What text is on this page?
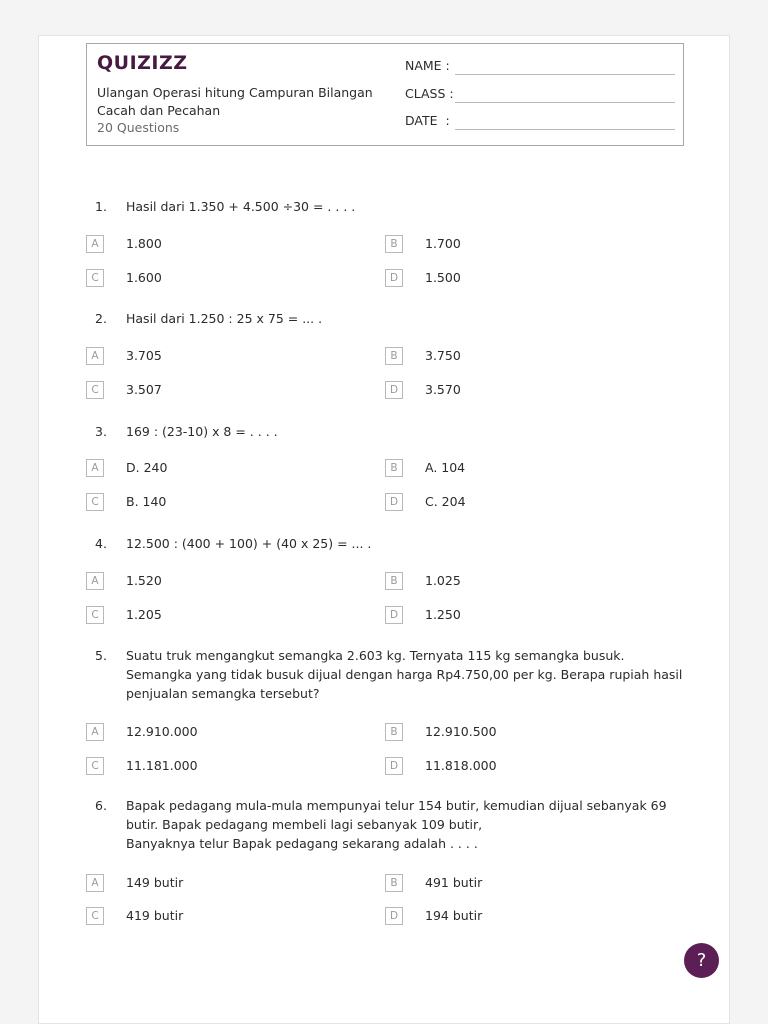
QUIZIZZ
Ulangan Operasi hitung Campuran Bilangan Cacah dan Pecahan
20 Questions
NAME :
CLASS :
DATE  :
1. Hasil dari 1.350 + 4.500 ÷30 = . . . .
A	1.800	B	1.700
C	1.600	D	1.500
2. Hasil dari 1.250 : 25 x 75 = ... .
A	3.705	B	3.750
C	3.507	D	3.570
3. 169 : (23-10) x 8 = . . . .
A	D. 240	B	A. 104
C	B. 140	D	C. 204
4. 12.500 : (400 + 100) + (40 x 25) = ... .
A	1.520	B	1.025
C	1.205	D	1.250
5. Suatu truk mengangkut semangka 2.603 kg. Ternyata 115 kg semangka busuk. Semangka yang tidak busuk dijual dengan harga Rp4.750,00 per kg. Berapa rupiah hasil penjualan semangka tersebut?
A	12.910.000	B	12.910.500
C	11.181.000	D	11.818.000
6. Bapak pedagang mula-mula mempunyai telur 154 butir, kemudian dijual sebanyak 69 butir. Bapak pedagang membeli lagi sebanyak 109 butir,
Banyaknya telur Bapak pedagang sekarang adalah . . . .
A	149 butir	B	491 butir
C	419 butir	D	194 butir
?
